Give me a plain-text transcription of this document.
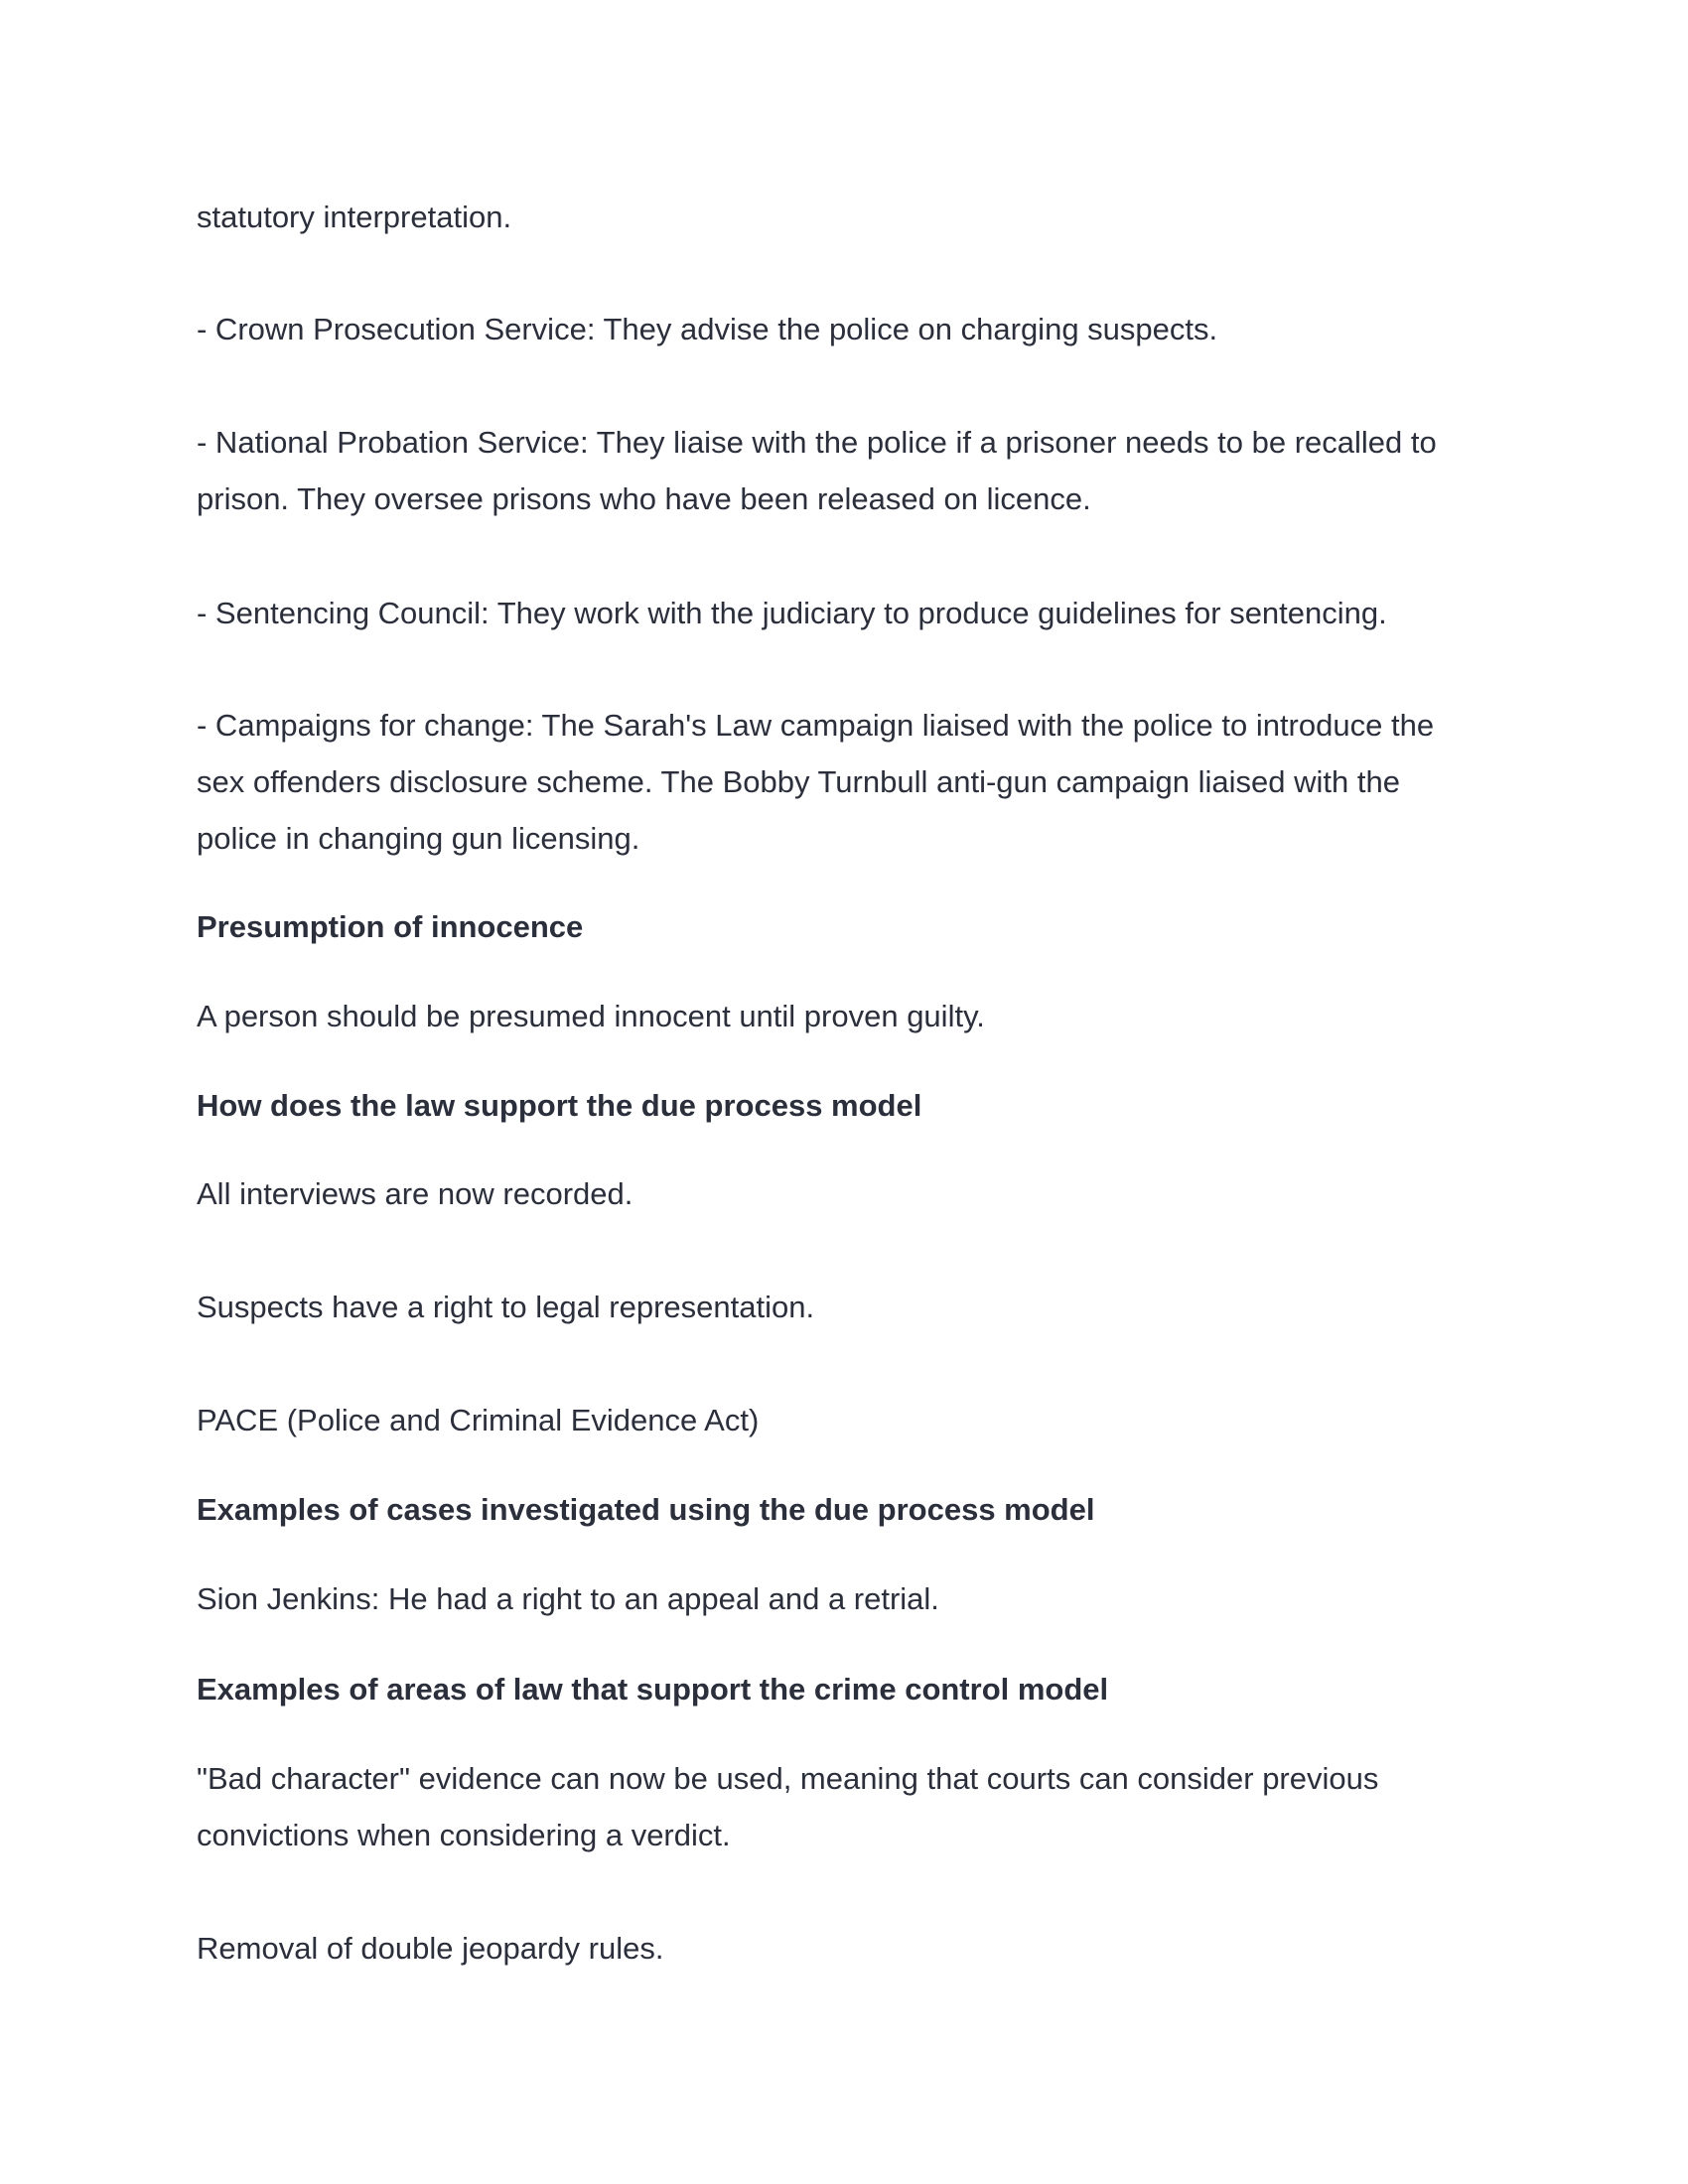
statutory interpretation.

- Crown Prosecution Service: They advise the police on charging suspects.

- National Probation Service: They liaise with the police if a prisoner needs to be recalled to prison. They oversee prisons who have been released on licence.

- Sentencing Council: They work with the judiciary to produce guidelines for sentencing.

- Campaigns for change: The Sarah's Law campaign liaised with the police to introduce the sex offenders disclosure scheme. The Bobby Turnbull anti-gun campaign liaised with the police in changing gun licensing.

Presumption of innocence

A person should be presumed innocent until proven guilty.

How does the law support the due process model

All interviews are now recorded.

Suspects have a right to legal representation.

PACE (Police and Criminal Evidence Act)

Examples of cases investigated using the due process model

Sion Jenkins: He had a right to an appeal and a retrial.

Examples of areas of law that support the crime control model

"Bad character" evidence can now be used, meaning that courts can consider previous convictions when considering a verdict.

Removal of double jeopardy rules.
